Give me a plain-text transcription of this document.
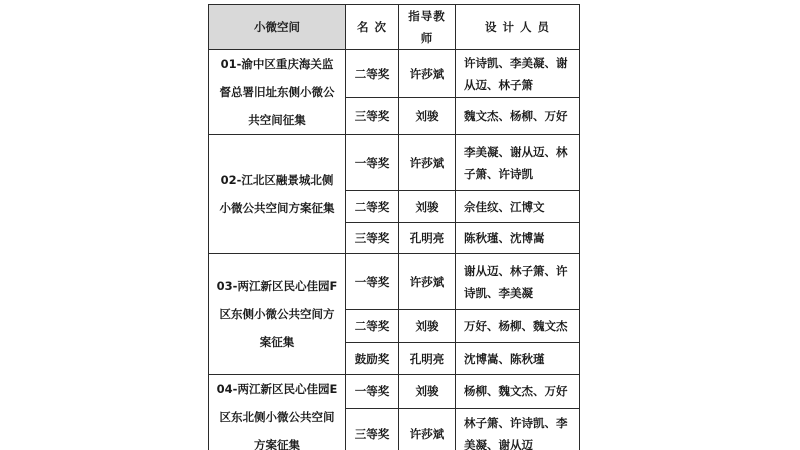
小微空间	名 次	指导教师	设 计 人 员
01-渝中区重庆海关监督总署旧址东侧小微公共空间征集	二等奖	许莎斌	许诗凯、李美凝、谢从迈、林子箫
	三等奖	刘骏	魏文杰、杨柳、万好
02-江北区融景城北侧小微公共空间方案征集	一等奖	许莎斌	李美凝、谢从迈、林子箫、许诗凯
	二等奖	刘骏	佘佳纹、江博文
	三等奖	孔明亮	陈秋瑾、沈博嵩
03-两江新区民心佳园F区东侧小微公共空间方案征集	一等奖	许莎斌	谢从迈、林子箫、许诗凯、李美凝
	二等奖	刘骏	万好、杨柳、魏文杰
	鼓励奖	孔明亮	沈博嵩、陈秋瑾
04-两江新区民心佳园E区东北侧小微公共空间方案征集	一等奖	刘骏	杨柳、魏文杰、万好
	三等奖	许莎斌	林子箫、许诗凯、李美凝、谢从迈
